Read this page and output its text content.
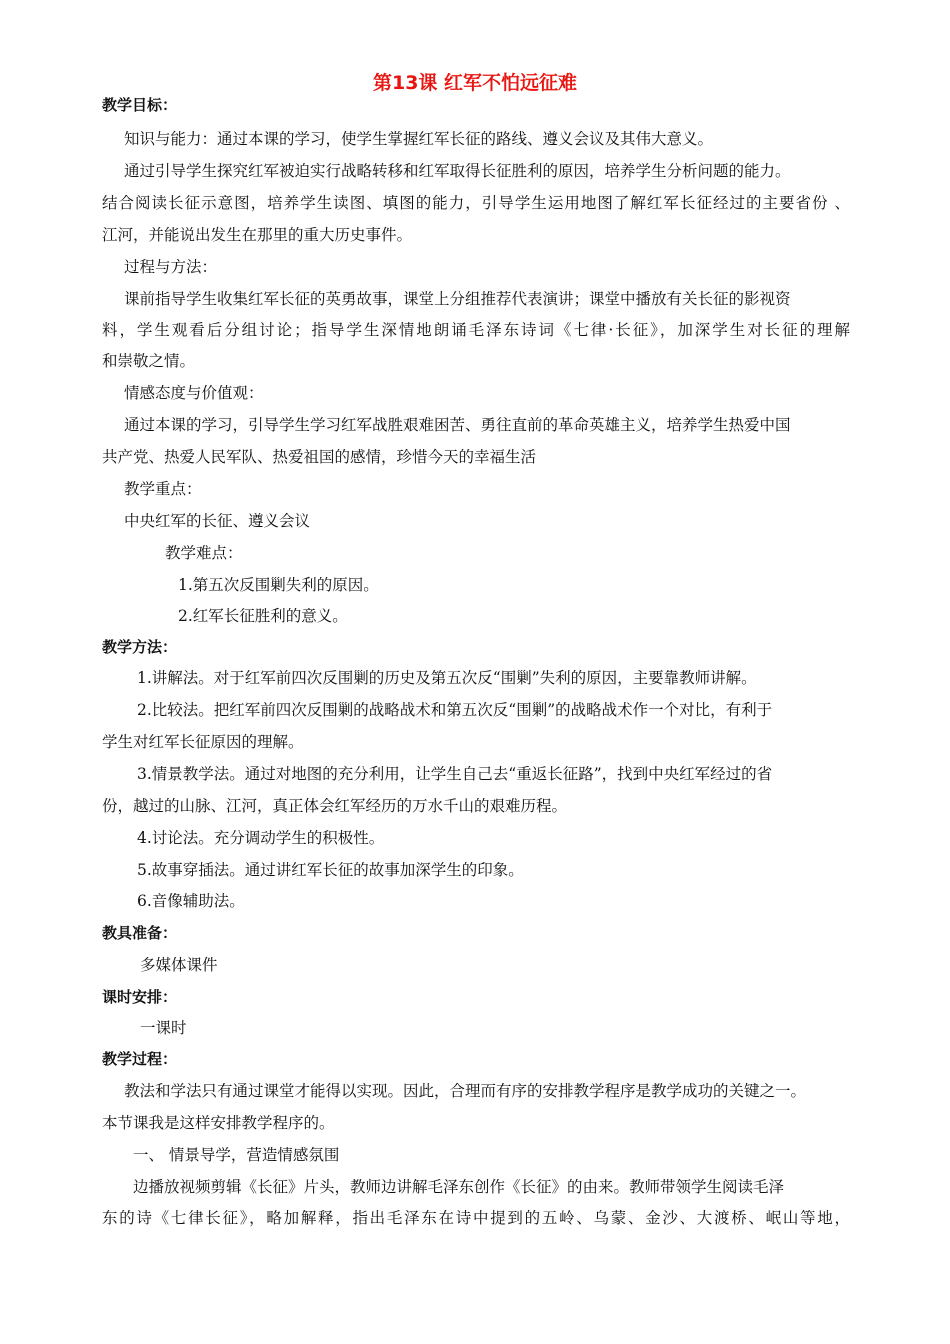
第13课 红军不怕远征难

教学目标：

知识与能力：通过本课的学习，使学生掌握红军长征的路线、遵义会议及其伟大意义。

通过引导学生探究红军被迫实行战略转移和红军取得长征胜利的原因，培养学生分析问题的能力。

结合阅读长征示意图，培养学生读图、填图的能力，引导学生运用地图了解红军长征经过的主要省份 、

江河，并能说出发生在那里的重大历史事件。

过程与方法：

课前指导学生收集红军长征的英勇故事，课堂上分组推荐代表演讲；课堂中播放有关长征的影视资

料，学生观看后分组讨论；指导学生深情地朗诵毛泽东诗词《七律·长征》，加深学生对长征的理解

和崇敬之情。

情感态度与价值观：

通过本课的学习，引导学生学习红军战胜艰难困苦、勇往直前的革命英雄主义，培养学生热爱中国

共产党、热爱人民军队、热爱祖国的感情，珍惜今天的幸福生活

教学重点：

中央红军的长征、遵义会议

教学难点：

1.第五次反围剿失利的原因。

2.红军长征胜利的意义。

教学方法：

1.讲解法。对于红军前四次反围剿的历史及第五次反“围剿”失利的原因，主要靠教师讲解。

2.比较法。把红军前四次反围剿的战略战术和第五次反“围剿”的战略战术作一个对比，有利于

学生对红军长征原因的理解。

3.情景教学法。通过对地图的充分利用，让学生自己去“重返长征路”，找到中央红军经过的省

份，越过的山脉、江河，真正体会红军经历的万水千山的艰难历程。

4.讨论法。充分调动学生的积极性。

5.故事穿插法。通过讲红军长征的故事加深学生的印象。

6.音像辅助法。

教具准备：

多媒体课件

课时安排：

一课时

教学过程：

教法和学法只有通过课堂才能得以实现。因此，合理而有序的安排教学程序是教学成功的关键之一。

本节课我是这样安排教学程序的。

一、 情景导学，营造情感氛围

边播放视频剪辑《长征》片头，教师边讲解毛泽东创作《长征》的由来。教师带领学生阅读毛泽

东的诗《七律长征》，略加解释，指出毛泽东在诗中提到的五岭、乌蒙、金沙、大渡桥、岷山等地，
